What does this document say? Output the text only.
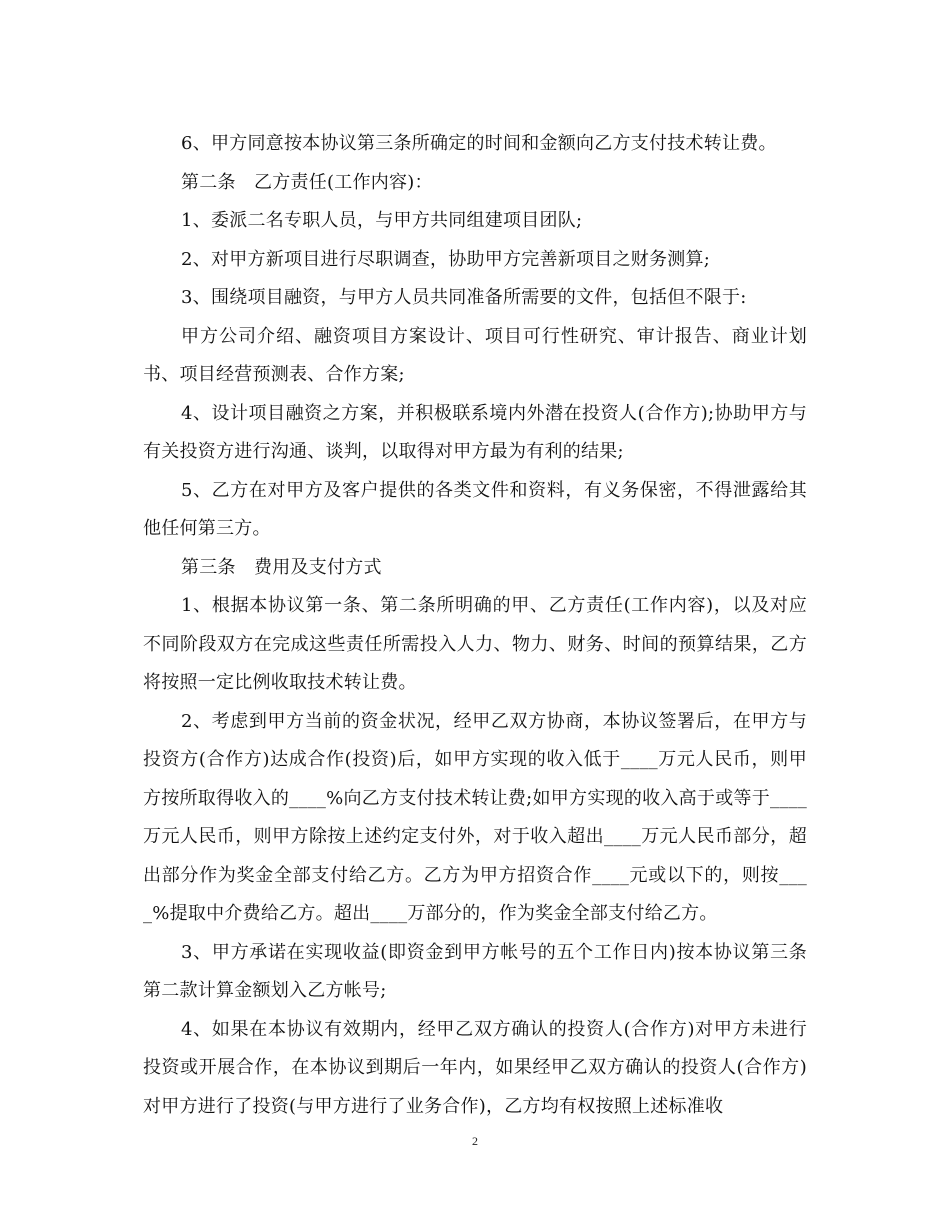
6、甲方同意按本协议第三条所确定的时间和金额向乙方支付技术转让费。

第二条　乙方责任(工作内容)：

1、委派二名专职人员，与甲方共同组建项目团队;

2、对甲方新项目进行尽职调查，协助甲方完善新项目之财务测算;

3、围绕项目融资，与甲方人员共同准备所需要的文件，包括但不限于:

甲方公司介绍、融资项目方案设计、项目可行性研究、审计报告、商业计划书、项目经营预测表、合作方案;

4、设计项目融资之方案，并积极联系境内外潜在投资人(合作方);协助甲方与有关投资方进行沟通、谈判，以取得对甲方最为有利的结果;

5、乙方在对甲方及客户提供的各类文件和资料，有义务保密，不得泄露给其他任何第三方。

第三条　费用及支付方式

1、根据本协议第一条、第二条所明确的甲、乙方责任(工作内容)，以及对应不同阶段双方在完成这些责任所需投入人力、物力、财务、时间的预算结果，乙方将按照一定比例收取技术转让费。

2、考虑到甲方当前的资金状况，经甲乙双方协商，本协议签署后，在甲方与投资方(合作方)达成合作(投资)后，如甲方实现的收入低于____万元人民币，则甲方按所取得收入的____%向乙方支付技术转让费;如甲方实现的收入高于或等于____万元人民币，则甲方除按上述约定支付外，对于收入超出____万元人民币部分，超出部分作为奖金全部支付给乙方。乙方为甲方招资合作____元或以下的，则按____%提取中介费给乙方。超出____万部分的，作为奖金全部支付给乙方。

3、甲方承诺在实现收益(即资金到甲方帐号的五个工作日内)按本协议第三条第二款计算金额划入乙方帐号;

4、如果在本协议有效期内，经甲乙双方确认的投资人(合作方)对甲方未进行投资或开展合作，在本协议到期后一年内，如果经甲乙双方确认的投资人(合作方)对甲方进行了投资(与甲方进行了业务合作)，乙方均有权按照上述标准收

2
